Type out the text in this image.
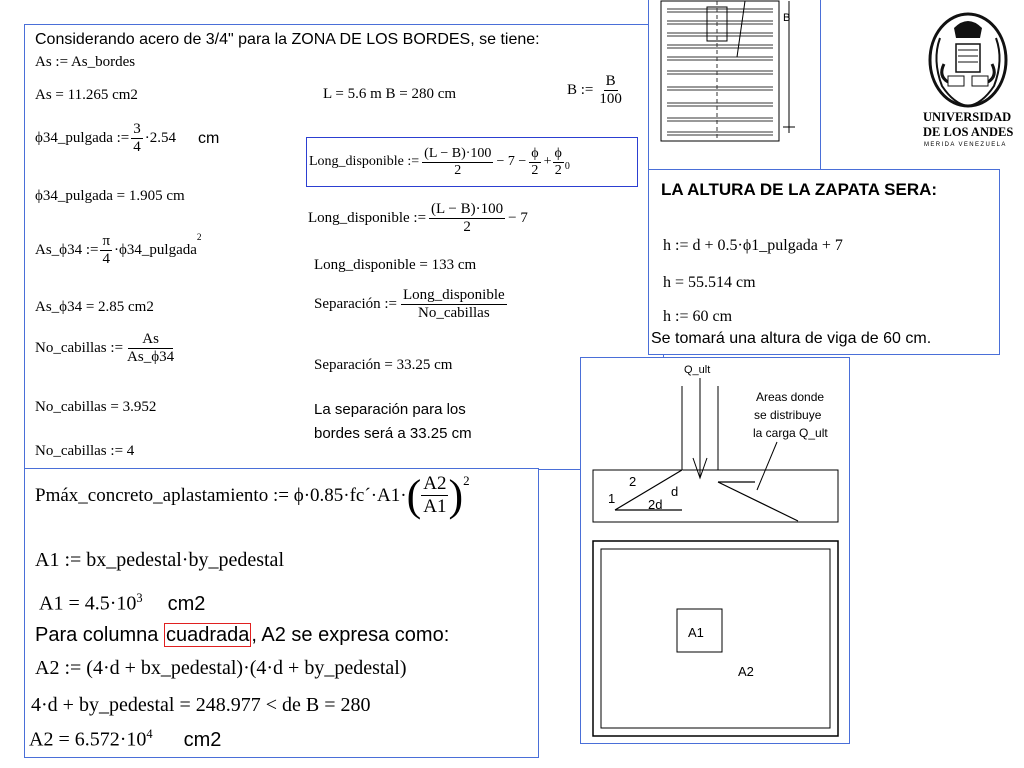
Considerando acero de 3/4" para la ZONA DE LOS BORDES, se tiene:
As := As_bordes
As = 11.265 cm2
ϕ34_pulgada := $\frac{3}{4} \cdot 2.54$ cm
ϕ34_pulgada = 1.905 cm
As_ϕ34 := $\frac{\pi}{4}$ ·ϕ34_pulgada
$^2$
As_ϕ34 = 2.85 cm2
No_cabillas := $\frac{As}{As\_\phi 34}$
No_cabillas = 3.952
No_cabillas := 4
L = 5.6 m B = 280 cm	B := $\frac{B}{100}$
Long_disponible := $\frac{(L - B)\cdot 100}{2} - 7 - \frac{\phi}{2} + \frac{\phi}{2} 0$
Long_disponible := $\frac{(L - B)\cdot 100}{2} - 7$
Long_disponible = 133 cm
Separación := $\frac{\text{Long\_disponible}}{\text{No\_cabillas}}$
Separación = 33.25 cm
La separación para los
bordes será a 33.25 cm
B
UNIVERSIDAD
DE LOS ANDES
MERIDA VENEZUELA
LA ALTURA DE LA ZAPATA SERA:
h := d + 0.5·ϕ1_pulgada + 7
h = 55.514 cm
h := 60 cm
Se tomará una altura de viga de 60 cm.
Pmáx_concreto_aplastamiento := ϕ·0.85·fc´·A1· ( $\frac{A2}{A1} )^2$
A1 := bx_pedestal·by_pedestal
$A1 = 4.5\cdot 10^3$ cm2
Para columna cuadrada , A2 se expresa como:
A2 := (4·d + bx_pedestal)·(4·d + by_pedestal)
4·d + by_pedestal = 248.977 < de B = 280
$A2 = 6.572\cdot 10^4$ cm2
Q_ult
Areas donde
se distribuye
la carga Q_ult
2
1	2d
d
A1
A2
